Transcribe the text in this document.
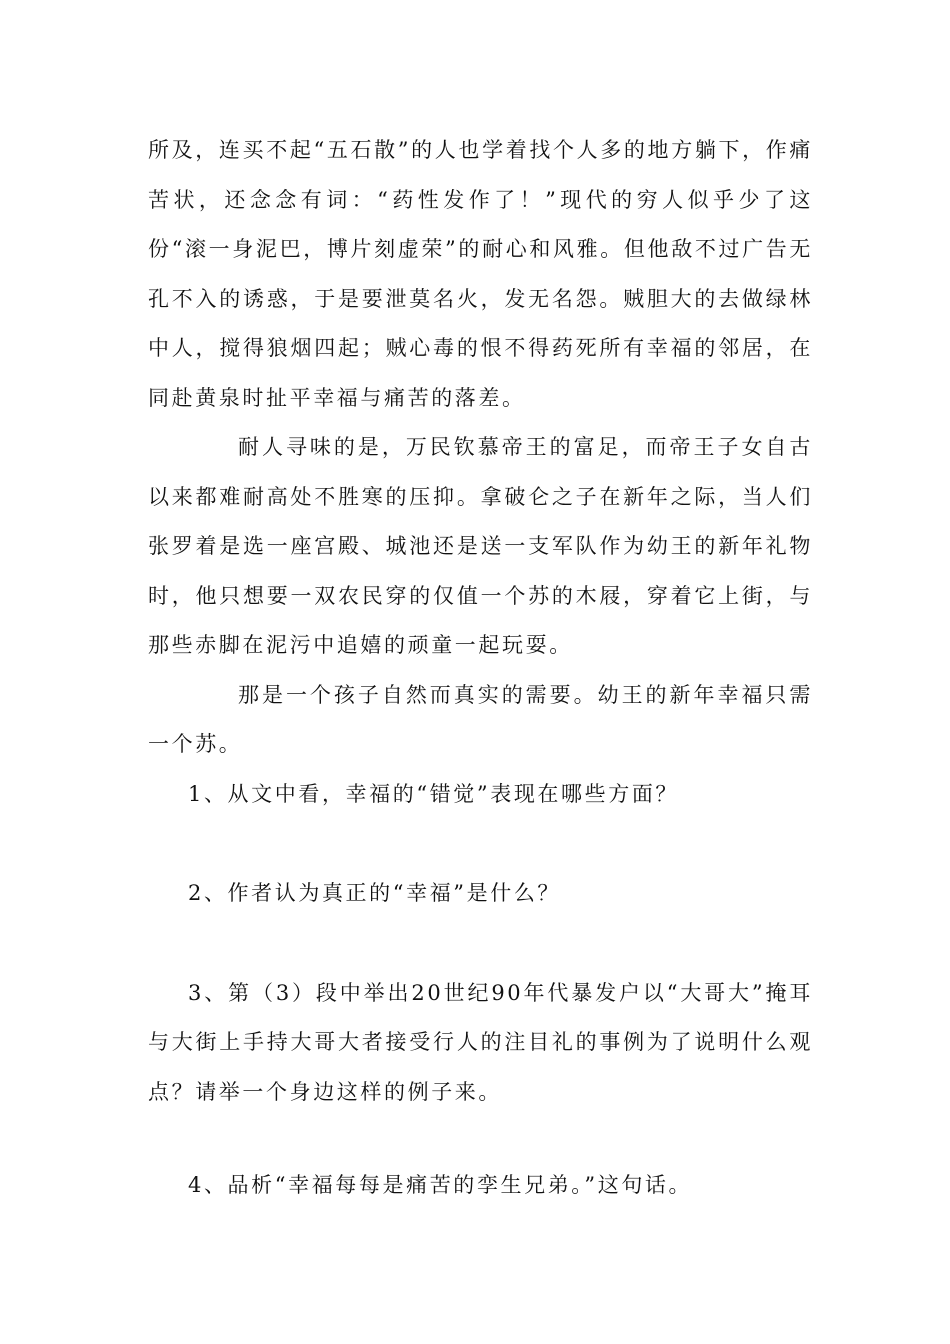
所及，连买不起“五石散”的人也学着找个人多的地方躺下，作痛苦状，还念念有词：“药性发作了！”现代的穷人似乎少了这份“滚一身泥巴，博片刻虚荣”的耐心和风雅。但他敌不过广告无孔不入的诱惑，于是要泄莫名火，发无名怨。贼胆大的去做绿林中人，搅得狼烟四起；贼心毒的恨不得药死所有幸福的邻居，在同赴黄泉时扯平幸福与痛苦的落差。

耐人寻味的是，万民钦慕帝王的富足，而帝王子女自古以来都难耐高处不胜寒的压抑。拿破仑之子在新年之际，当人们张罗着是选一座宫殿、城池还是送一支军队作为幼王的新年礼物时，他只想要一双农民穿的仅值一个苏的木屐，穿着它上街，与那些赤脚在泥污中追嬉的顽童一起玩耍。

那是一个孩子自然而真实的需要。幼王的新年幸福只需一个苏。

1、从文中看，幸福的“错觉”表现在哪些方面？

2、作者认为真正的“幸福”是什么？

3、第（3）段中举出20世纪90年代暴发户以“大哥大”掩耳与大街上手持大哥大者接受行人的注目礼的事例为了说明什么观点？请举一个身边这样的例子来。

4、品析“幸福每每是痛苦的孪生兄弟。”这句话。
